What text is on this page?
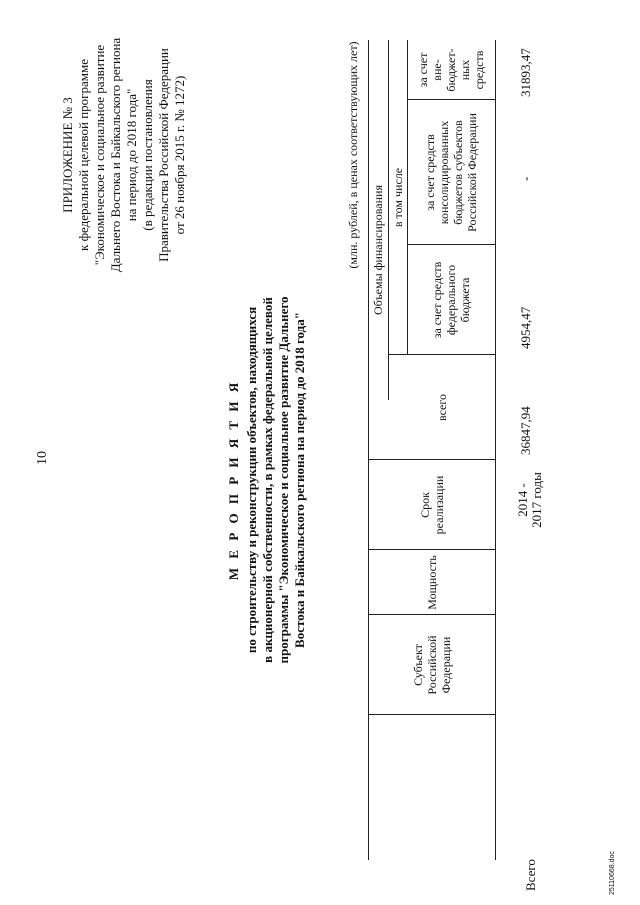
10
ПРИЛОЖЕНИЕ № 3 к федеральной целевой программе "Экономическое и социальное развитие Дальнего Востока и Байкальского региона на период до 2018 года" (в редакции постановления Правительства Российской Федерации от 26 ноября 2015 г. № 1272)
М Е Р О П Р И Я Т И Я по строительству и реконструкции объектов, находящихся в акционерной собственности, в рамках федеральной целевой программы "Экономическое и социальное развитие Дальнего Востока и Байкальского региона на период до 2018 года"
(млн. рублей, в ценах соответствующих лет)
Субъект Российской Федерации
Мощность
Срок реализации
Объемы финансирования
всего
в том числе
за счет средств федерального бюджета
за счет средств консолидированных бюджетов субъектов Российской Федерации
за счет вне-бюджет-ных средств
Всего
2014 - 2017 годы
36847,94
4954,47
-
31893,47
25110668.doc
